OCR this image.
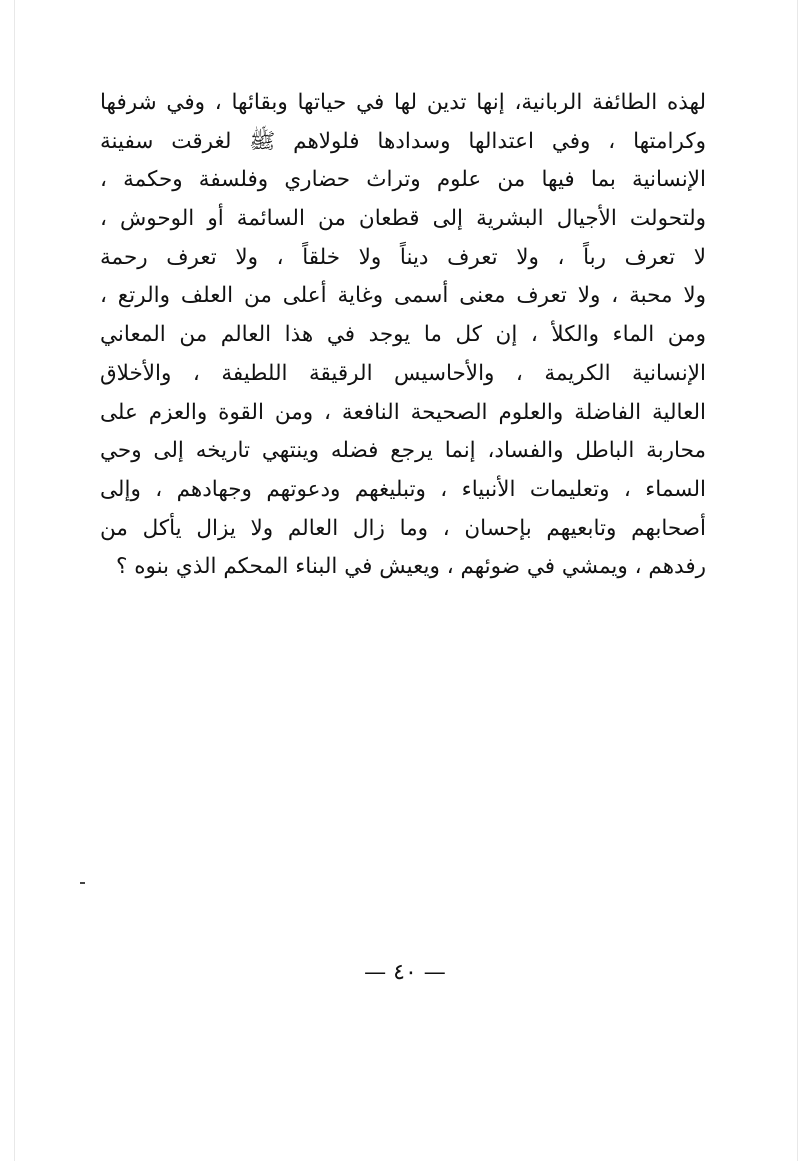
لهذه الطائفة الربانية، إنها تدين لها في حياتها وبقائها ، وفي شرفها
وكرامتها ، وفي اعتدالها وسدادها فلولاهم ﷺ لغرقت سفينة
الإنسانية بما فيها من علوم وتراث حضاري وفلسفة وحكمة ،
ولتحولت الأجيال البشرية إلى قطعان من السائمة أو الوحوش ،
لا تعرف رباً ، ولا تعرف ديناً ولا خلقاً ، ولا تعرف رحمة
ولا محبة ، ولا تعرف معنى أسمى وغاية أعلى من العلف والرتع ،
ومن الماء والكلأ ، إن كل ما يوجد في هذا العالم من المعاني
الإنسانية الكريمة ، والأحاسيس الرقيقة اللطيفة ، والأخلاق
العالية الفاضلة والعلوم الصحيحة النافعة ، ومن القوة والعزم على
محاربة الباطل والفساد، إنما يرجع فضله وينتهي تاريخه إلى وحي
السماء ، وتعليمات الأنبياء ، وتبليغهم ودعوتهم وجهادهم ، وإلى
أصحابهم وتابعيهم بإحسان ، وما زال العالم ولا يزال يأكل من
رفدهم ، ويمشي في ضوئهم ، ويعيش في البناء المحكم الذي بنوه ؟
— ٤٠ —
